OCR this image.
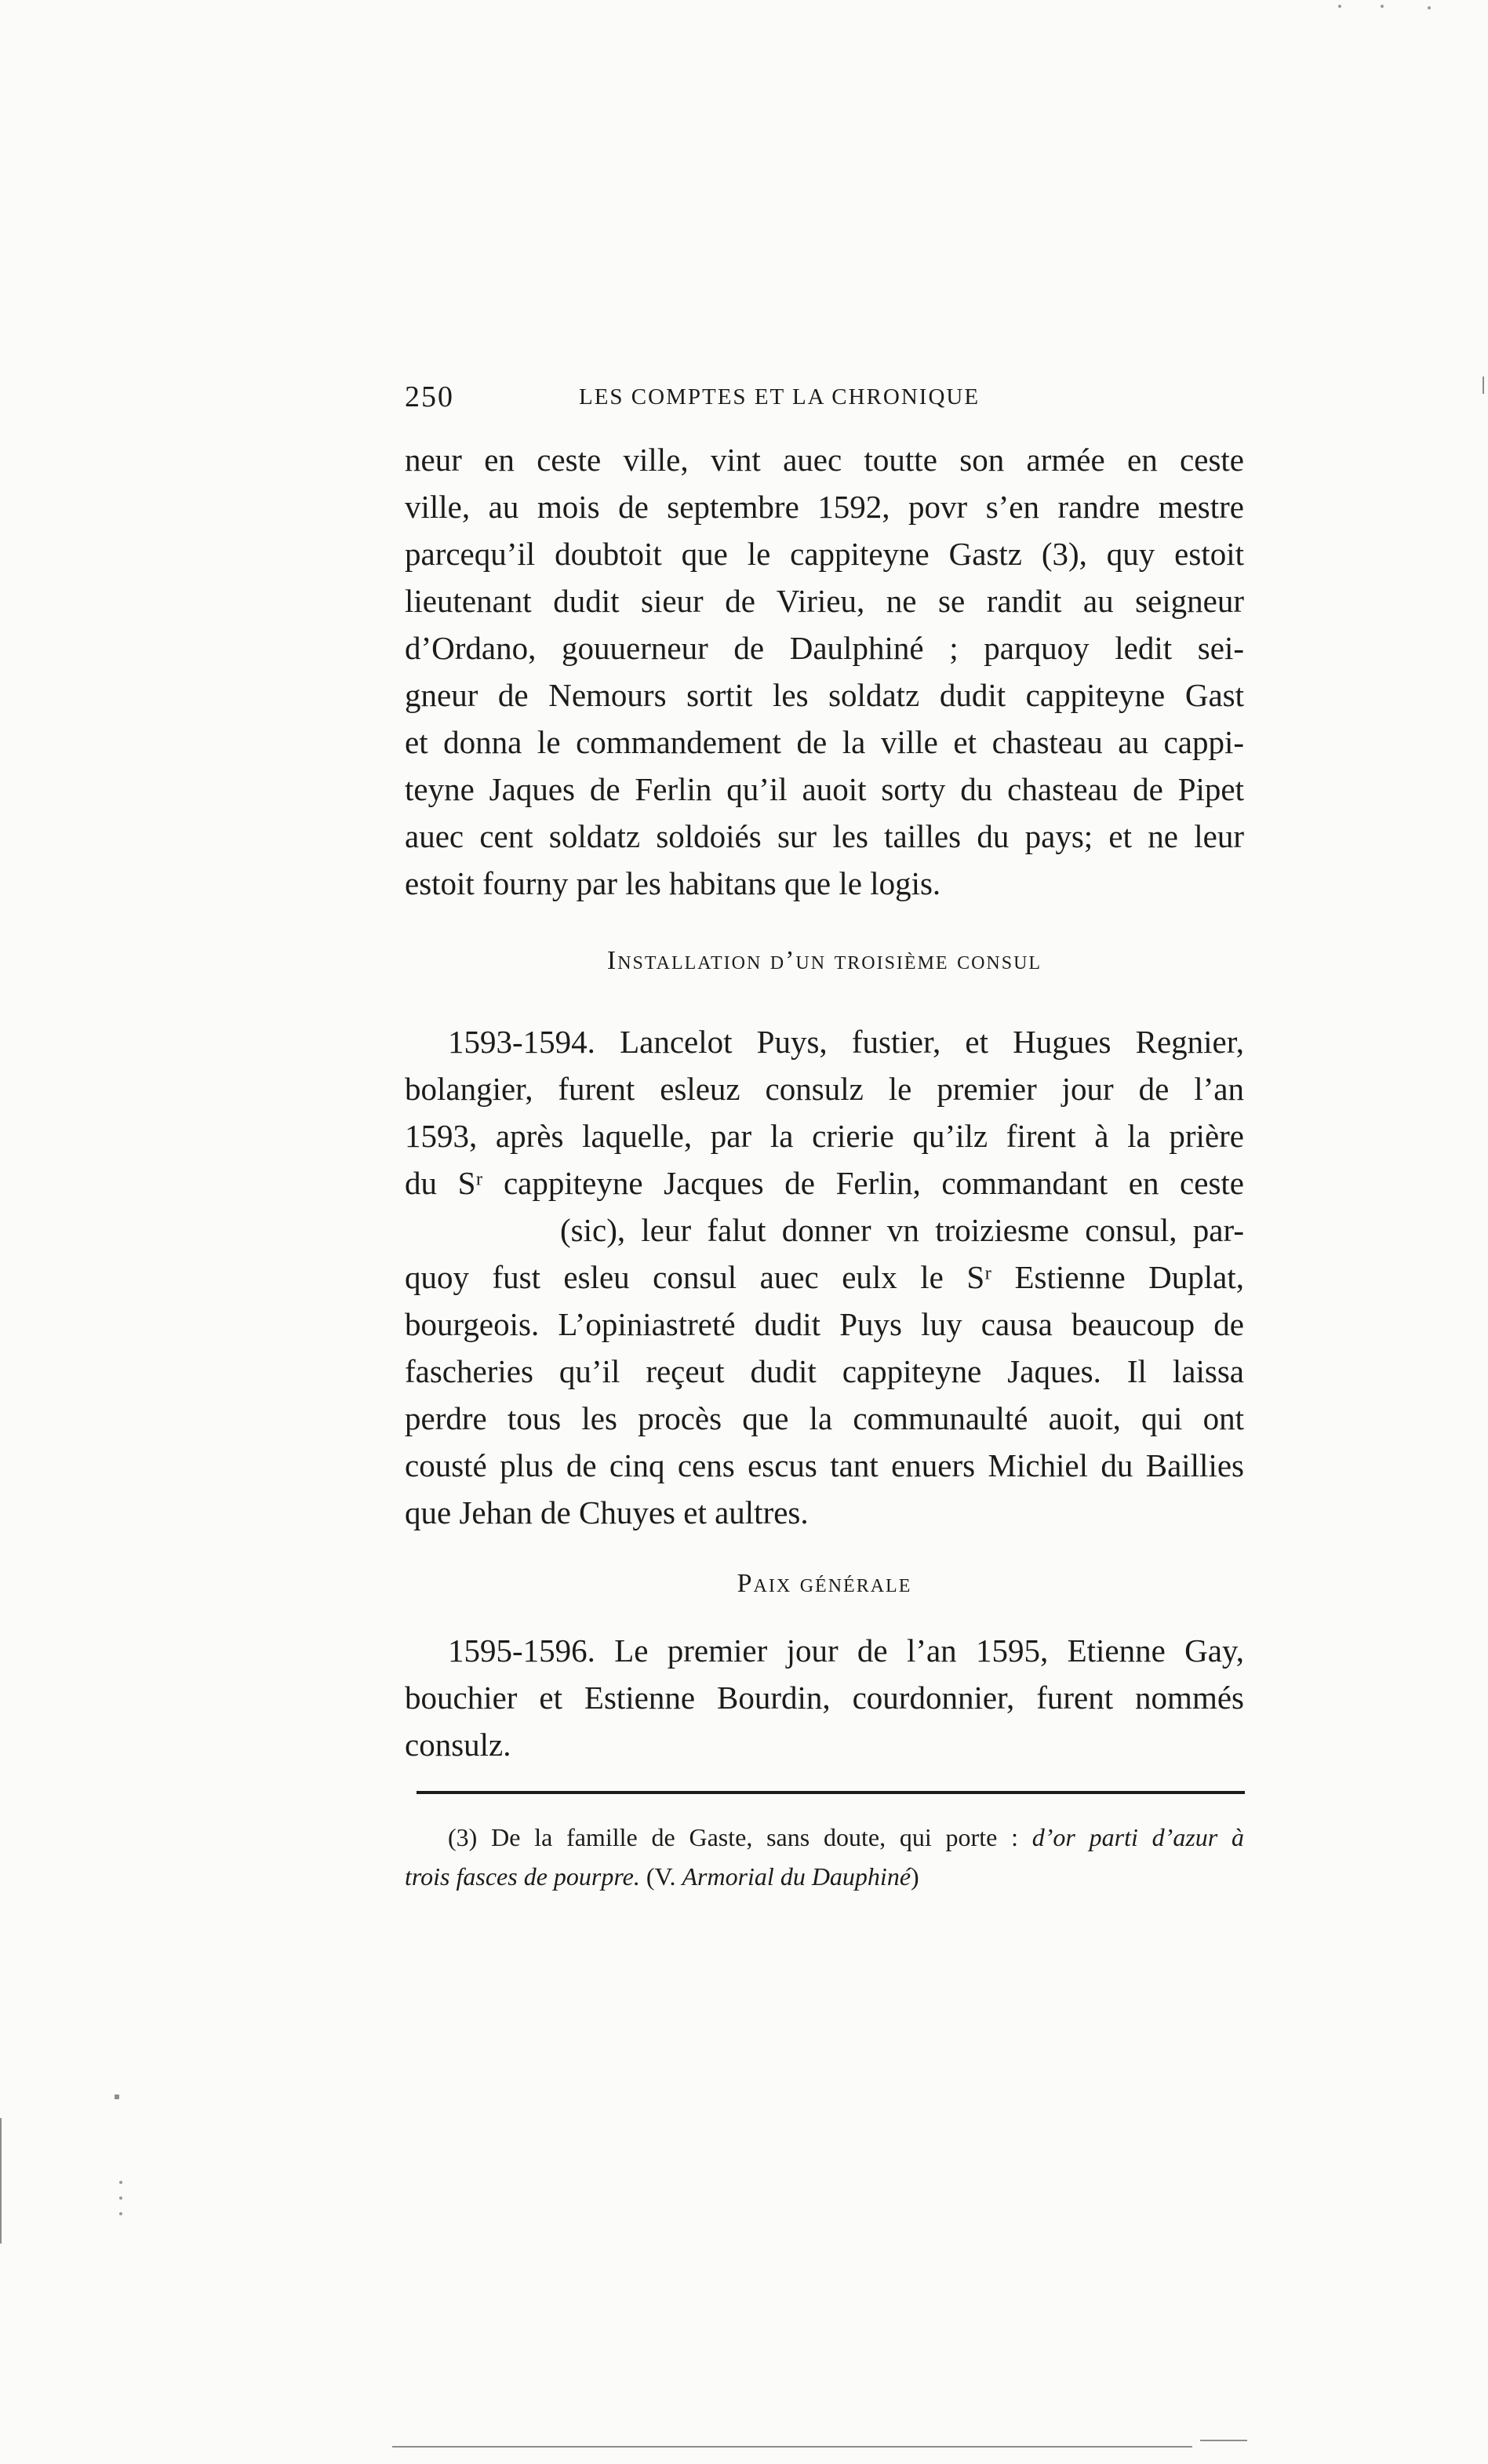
250	LES COMPTES ET LA CHRONIQUE
neur en ceste ville, vint auec toutte son armée en ceste
ville, au mois de septembre 1592, povr s’en randre mestre
parcequ’il doubtoit que le cappiteyne Gastz (3), quy estoit
lieutenant dudit sieur de Virieu, ne se randit au seigneur
d’Ordano, gouuerneur de Daulphiné ; parquoy ledit sei-
gneur de Nemours sortit les soldatz dudit cappiteyne Gast
et donna le commandement de la ville et chasteau au cappi-
teyne Jaques de Ferlin qu’il auoit sorty du chasteau de Pipet
auec cent soldatz soldoiés sur les tailles du pays; et ne leur
estoit fourny par les habitans que le logis.
Installation d’un troisième consul
1593-1594. Lancelot Puys, fustier, et Hugues Regnier,
bolangier, furent esleuz consulz le premier jour de l’an
1593, après laquelle, par la crierie qu’ilz firent à la prière
du Sʳ cappiteyne Jacques de Ferlin, commandant en ceste
(sic), leur falut donner vn troiziesme consul, par-
quoy fust esleu consul auec eulx le Sʳ Estienne Duplat,
bourgeois. L’opiniastreté dudit Puys luy causa beaucoup de
fascheries qu’il reçeut dudit cappiteyne Jaques. Il laissa
perdre tous les procès que la communaulté auoit, qui ont
cousté plus de cinq cens escus tant enuers Michiel du Baillies
que Jehan de Chuyes et aultres.
Paix générale
1595-1596. Le premier jour de l’an 1595, Etienne Gay,
bouchier et Estienne Bourdin, courdonnier, furent nommés
consulz.
(3) De la famille de Gaste, sans doute, qui porte : d’or parti d’azur à
trois fasces de pourpre. (V. Armorial du Dauphiné)
